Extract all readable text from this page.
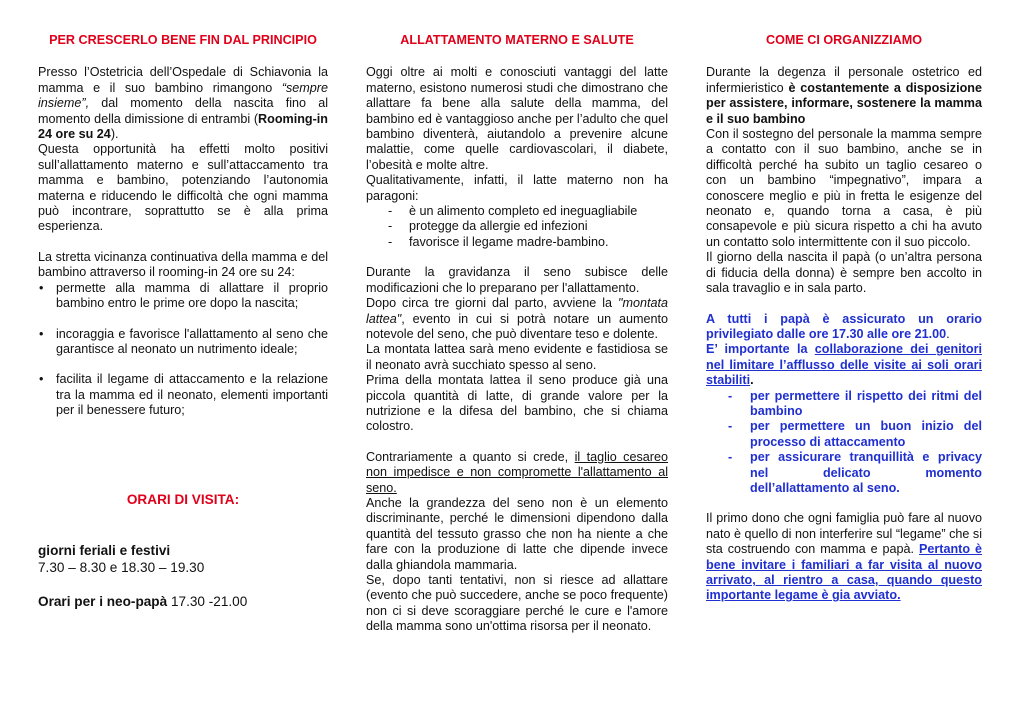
PER CRESCERLO BENE FIN DAL PRINCIPIO

Presso l’Ostetricia dell’Ospedale di Schiavonia la mamma e il suo bambino rimangono “sempre insieme”, dal momento della nascita fino al momento della dimissione di entrambi (Rooming-in 24 ore su 24).

Questa opportunità ha effetti molto positivi sull’allattamento materno e sull’attaccamento tra mamma e bambino, potenziando l’autonomia materna e riducendo le difficoltà che ogni mamma può incontrare, soprattutto se è alla prima esperienza.

La stretta vicinanza continuativa della mamma e del bambino attraverso il rooming-in 24 ore su 24:

• permette alla mamma di allattare il proprio bambino entro le prime ore dopo la nascita;
• incoraggia e favorisce l'allattamento al seno che garantisce al neonato un nutrimento ideale;
• facilita il legame di attaccamento e la relazione tra la mamma ed il neonato, elementi importanti per il benessere futuro;

ORARI DI VISITA:

giorni feriali e festivi

7.30 – 8.30 e 18.30 – 19.30

Orari per i neo-papà 17.30 -21.00

ALLATTAMENTO MATERNO E SALUTE

Oggi oltre ai molti e conosciuti vantaggi del latte materno, esistono numerosi studi che dimostrano che allattare fa bene alla salute della mamma, del bambino ed è vantaggioso anche per l’adulto che quel bambino diventerà, aiutandolo a prevenire alcune malattie, come quelle cardiovascolari, il diabete, l’obesità e molte altre.

Qualitativamente, infatti, il latte materno non ha paragoni:

- è un alimento completo ed ineguagliabile
- protegge da allergie ed infezioni
- favorisce il legame madre-bambino.

Durante la gravidanza il seno subisce delle modificazioni che lo preparano per l'allattamento.

Dopo circa tre giorni dal parto, avviene la "montata lattea", evento in cui si potrà notare un aumento notevole del seno, che può diventare teso e dolente.

La montata lattea sarà meno evidente e fastidiosa se il neonato avrà succhiato spesso al seno.

Prima della montata lattea il seno produce già una piccola quantità di latte, di grande valore per la nutrizione e la difesa del bambino, che si chiama colostro.

Contrariamente a quanto si crede, il taglio cesareo non impedisce e non compromette l'allattamento al seno.

Anche la grandezza del seno non è un elemento discriminante, perché le dimensioni dipendono dalla quantità del tessuto grasso che non ha niente a che fare con la produzione di latte che dipende invece dalla ghiandola mammaria.

Se, dopo tanti tentativi, non si riesce ad allattare (evento che può succedere, anche se poco frequente) non ci si deve scoraggiare perché le cure e l'amore della mamma sono un'ottima risorsa per il neonato.

COME CI ORGANIZZIAMO

Durante la degenza il personale ostetrico ed infermieristico è costantemente a disposizione per assistere, informare, sostenere la mamma e il suo bambino

Con il sostegno del personale la mamma sempre a contatto con il suo bambino, anche se in difficoltà perché ha subito un taglio cesareo o con un bambino “impegnativo”, impara a conoscere meglio e più in fretta le esigenze del neonato e, quando torna a casa, è più consapevole e più sicura rispetto a chi ha avuto un contatto solo intermittente con il suo piccolo.

Il giorno della nascita il papà (o un’altra persona di fiducia della donna) è sempre ben accolto in sala travaglio e in sala parto.

A tutti i papà è assicurato un orario privilegiato dalle ore 17.30 alle ore 21.00.

E’ importante la collaborazione dei genitori nel limitare l’afflusso delle visite ai soli orari stabiliti.

- per permettere il rispetto dei ritmi del bambino
- per permettere un buon inizio del processo di attaccamento
- per assicurare tranquillità e privacy nel delicato momento dell’allattamento al seno.

Il primo dono che ogni famiglia può fare al nuovo nato è quello di non interferire sul “legame” che si sta costruendo con mamma e papà. Pertanto è bene invitare i familiari a far visita al nuovo arrivato, al rientro a casa, quando questo importante legame è gia avviato.
